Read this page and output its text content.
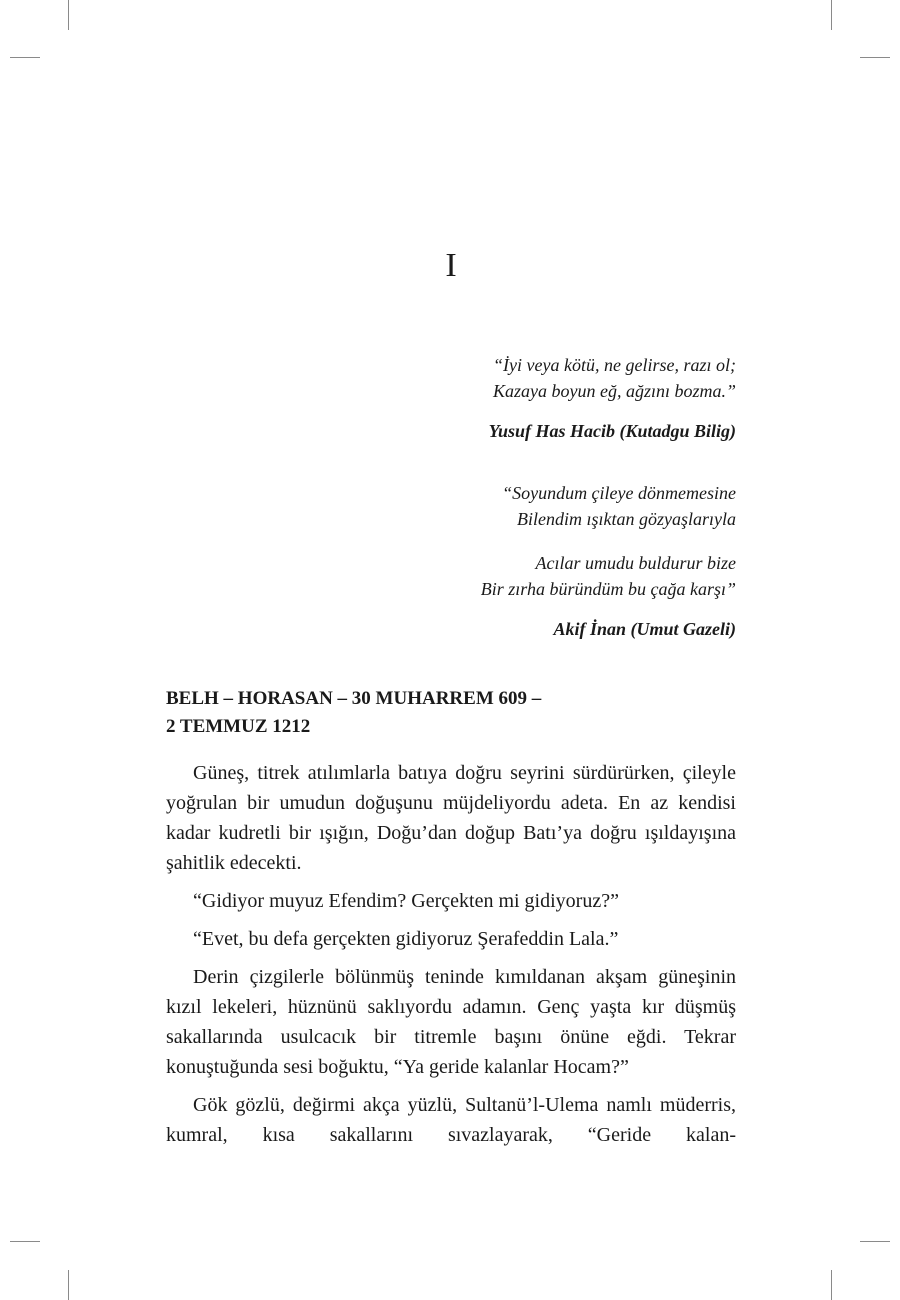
I
“İyi veya kötü, ne gelirse, razı ol;
Kazaya boyun eğ, ağzını bozma.”
Yusuf Has Hacib (Kutadgu Bilig)
“Soyundum çileye dönmemesine
Bilendim ışıktan gözyaşlarıyla
Acılar umudu buldurur bize
Bir zırha büründüm bu çağa karşı”
Akif İnan (Umut Gazeli)
BELH – HORASAN – 30 MUHARREM 609 –
2 TEMMUZ 1212

Güneş, titrek atılımlarla batıya doğru seyrini sürdürürken, çileyle yoğrulan bir umudun doğuşunu müjdeliyordu adeta. En az kendisi kadar kudretli bir ışığın, Doğu’dan doğup Batı’ya doğru ışıldayışına şahitlik edecekti.

“Gidiyor muyuz Efendim? Gerçekten mi gidiyoruz?”

“Evet, bu defa gerçekten gidiyoruz Şerafeddin Lala.”

Derin çizgilerle bölünmüş teninde kımıldanan akşam güneşinin kızıl lekeleri, hüznünü saklıyordu adamın. Genç yaşta kır düşmüş sakallarında usulcacık bir titremle başını önüne eğdi. Tekrar konuştuğunda sesi boğuktu, “Ya geride kalanlar Hocam?”

Gök gözlü, değirmi akça yüzlü, Sultanü’l-Ulema namlı müderris, kumral, kısa sakallarını sıvazlayarak, “Geride kalan-
